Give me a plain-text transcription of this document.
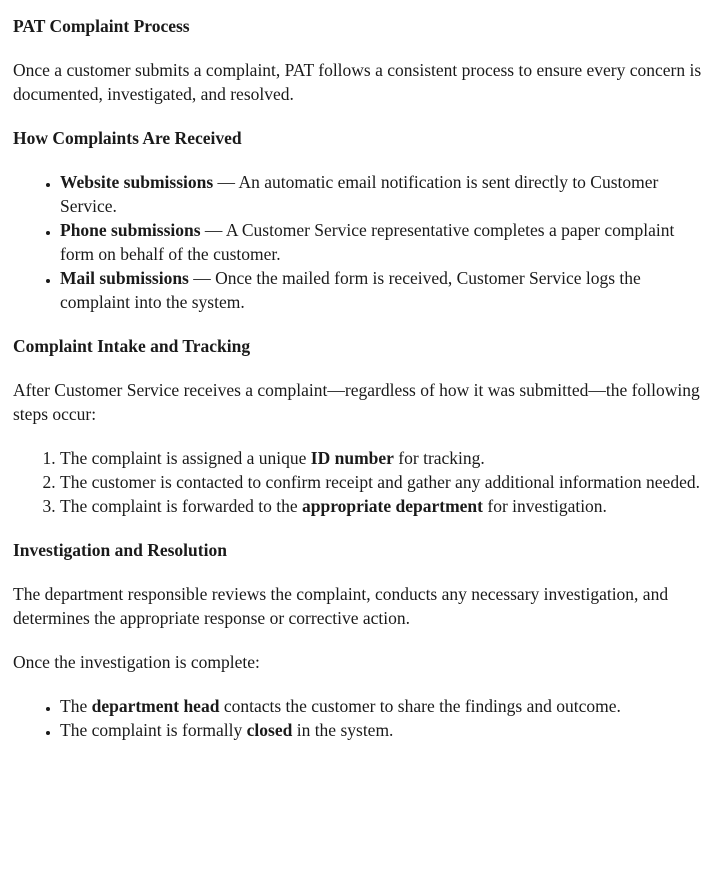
PAT Complaint Process

Once a customer submits a complaint, PAT follows a consistent process to ensure every concern is documented, investigated, and resolved.

How Complaints Are Received
• Website submissions — An automatic email notification is sent directly to Customer Service.
• Phone submissions — A Customer Service representative completes a paper complaint form on behalf of the customer.
• Mail submissions — Once the mailed form is received, Customer Service logs the complaint into the system.
Complaint Intake and Tracking

After Customer Service receives a complaint—regardless of how it was submitted—the following steps occur:

1. The complaint is assigned a unique ID number for tracking.
2. The customer is contacted to confirm receipt and gather any additional information needed.
3. The complaint is forwarded to the appropriate department for investigation.
Investigation and Resolution

The department responsible reviews the complaint, conducts any necessary investigation, and determines the appropriate response or corrective action.

Once the investigation is complete:

• The department head contacts the customer to share the findings and outcome.
• The complaint is formally closed in the system.
